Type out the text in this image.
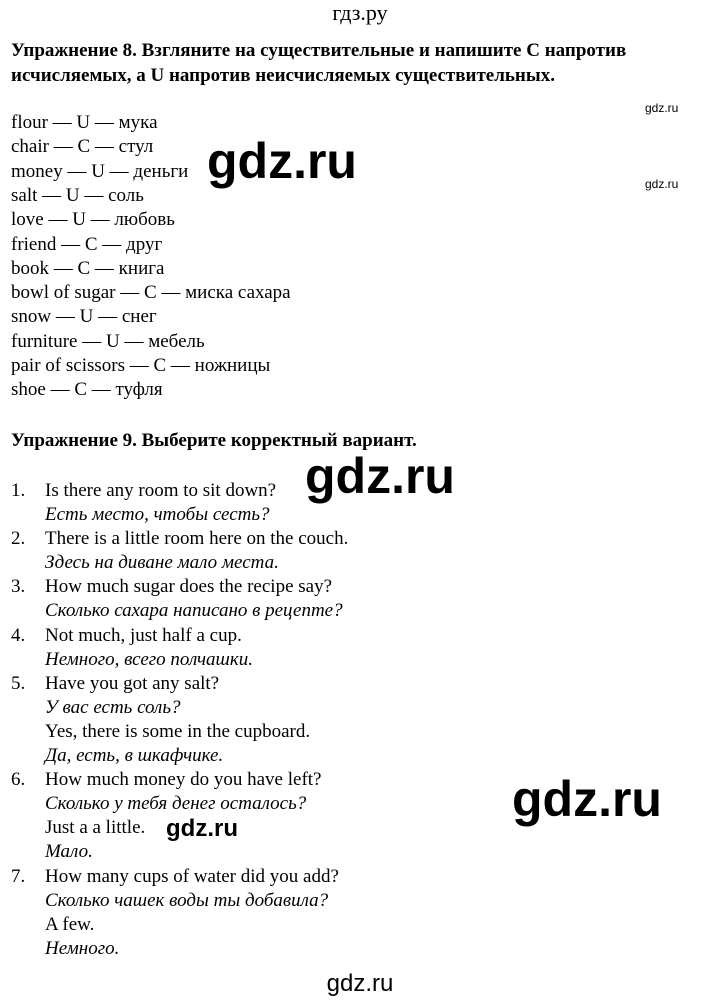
гдз.ру
Упражнение 8. Взгляните на существительные и напишите C напротив
исчисляемых, а U напротив неисчисляемых существительных.
flour — U — мука
chair — C — стул
money — U — деньги
salt — U — соль
love — U — любовь
friend — C — друг
book — C — книга
bowl of sugar — C — миска сахара
snow — U — снег
furniture — U — мебель
pair of scissors — C — ножницы
shoe — C — туфля
Упражнение 9. Выберите корректный вариант.
1. Is there any room to sit down?
Есть место, чтобы сесть?
2. There is a little room here on the couch.
Здесь на диване мало места.
3. How much sugar does the recipe say?
Сколько сахара написано в рецепте?
4. Not much, just half a cup.
Немного, всего полчашки.
5. Have you got any salt?
У вас есть соль?
Yes, there is some in the cupboard.
Да, есть, в шкафчике.
6. How much money do you have left?
Сколько у тебя денег осталось?
Just a a little.
Мало.
7. How many cups of water did you add?
Сколько чашек воды ты добавила?
A few.
Немного.
gdz.ru
gdz.ru
gdz.ru
gdz.ru
gdz.ru
gdz.ru
gdz.ru
